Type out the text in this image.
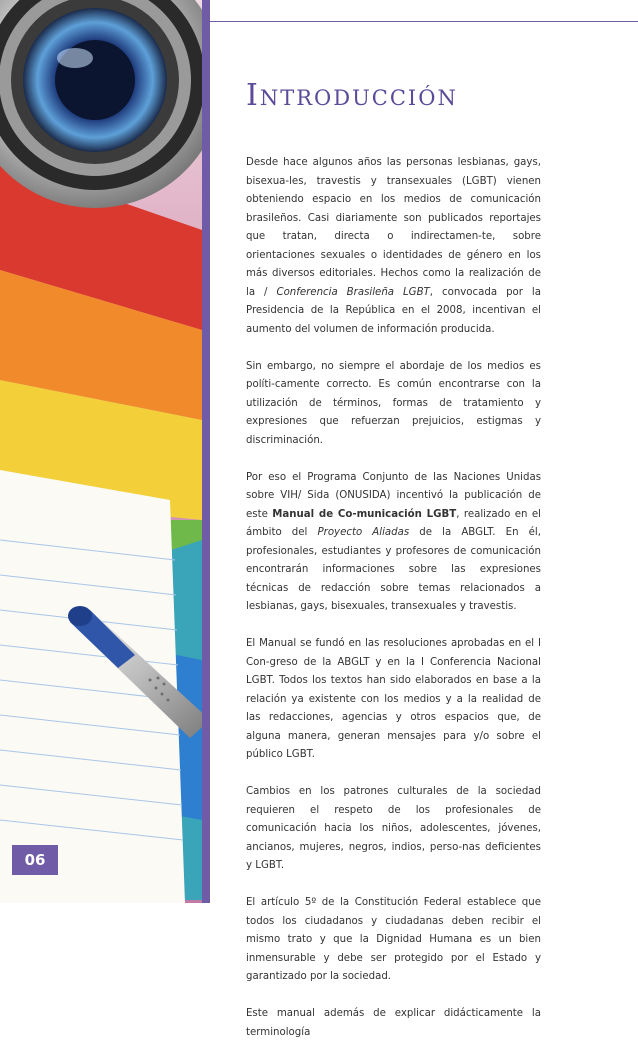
Introducción

Desde hace algunos años las personas lesbianas, gays, bisexua-les, travestis y transexuales (LGBT) vienen obteniendo espacio en los medios de comunicación brasileños. Casi diariamente son publicados reportajes que tratan, directa o indirectamen-te, sobre orientaciones sexuales o identidades de género en los más diversos editoriales. Hechos como la realización de la / Conferencia Brasileña LGBT, convocada por la Presidencia de la República en el 2008, incentivan el aumento del volumen de información producida.

Sin embargo, no siempre el abordaje de los medios es políti-camente correcto. Es común encontrarse con la utilización de términos, formas de tratamiento y expresiones que refuerzan prejuicios, estigmas y discriminación.

Por eso el Programa Conjunto de las Naciones Unidas sobre VIH/ Sida (ONUSIDA) incentivó la publicación de este Manual de Co-municación LGBT, realizado en el ámbito del Proyecto Aliadas de la ABGLT. En él, profesionales, estudiantes y profesores de comunicación encontrarán informaciones sobre las expresiones técnicas de redacción sobre temas relacionados a lesbianas, gays, bisexuales, transexuales y travestis.

El Manual se fundó en las resoluciones aprobadas en el I Con-greso de la ABGLT y en la I Conferencia Nacional LGBT. Todos los textos han sido elaborados en base a la relación ya existente con los medios y a la realidad de las redacciones, agencias y otros espacios que, de alguna manera, generan mensajes para y/o sobre el público LGBT.

Cambios en los patrones culturales de la sociedad requieren el respeto de los profesionales de comunicación hacia los niños, adolescentes, jóvenes, ancianos, mujeres, negros, indios, perso-nas deficientes y LGBT.

El artículo 5º de la Constitución Federal establece que todos los ciudadanos y ciudadanas deben recibir el mismo trato y que la Dignidad Humana es un bien inmensurable y debe ser protegido por el Estado y garantizado por la sociedad.

Este manual además de explicar didácticamente la terminología

06
